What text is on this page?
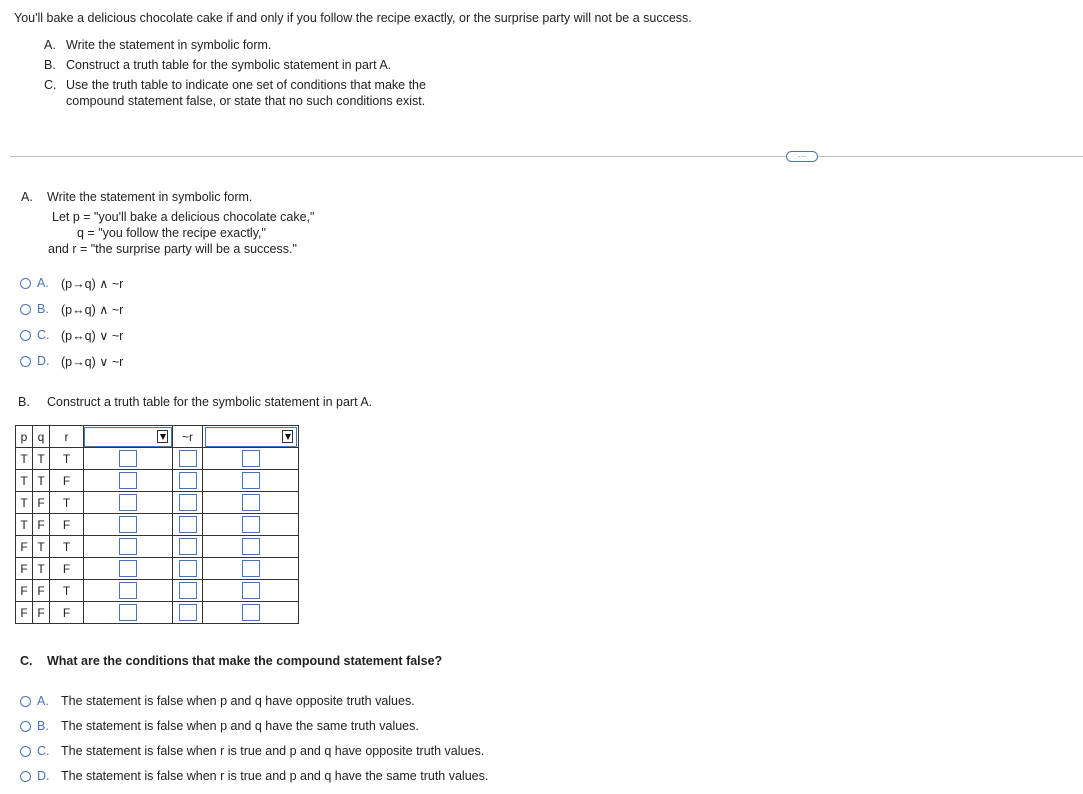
You'll bake a delicious chocolate cake if and only if you follow the recipe exactly, or the surprise party will not be a success.
A. Write the statement in symbolic form.
B. Construct a truth table for the symbolic statement in part A.
C. Use the truth table to indicate one set of conditions that make the
compound statement false, or state that no such conditions exist.
···
A. Write the statement in symbolic form.
Let p = "you'll bake a delicious chocolate cake,"
q = "you follow the recipe exactly,"
and r = "the surprise party will be a success."
A. (p→q) ∧ ~r
B. (p↔q) ∧ ~r
C. (p↔q) ∨ ~r
D. (p→q) ∨ ~r
B. Construct a truth table for the symbolic statement in part A.
p	q	r		~r	

T	T	T			
T	T	F			
T	F	T			
T	F	F			
F	T	T			
F	T	F			
F	F	T			
F	F	F			
C. What are the conditions that make the compound statement false?
A. The statement is false when p and q have opposite truth values.
B. The statement is false when p and q have the same truth values.
C. The statement is false when r is true and p and q have opposite truth values.
D. The statement is false when r is true and p and q have the same truth values.
